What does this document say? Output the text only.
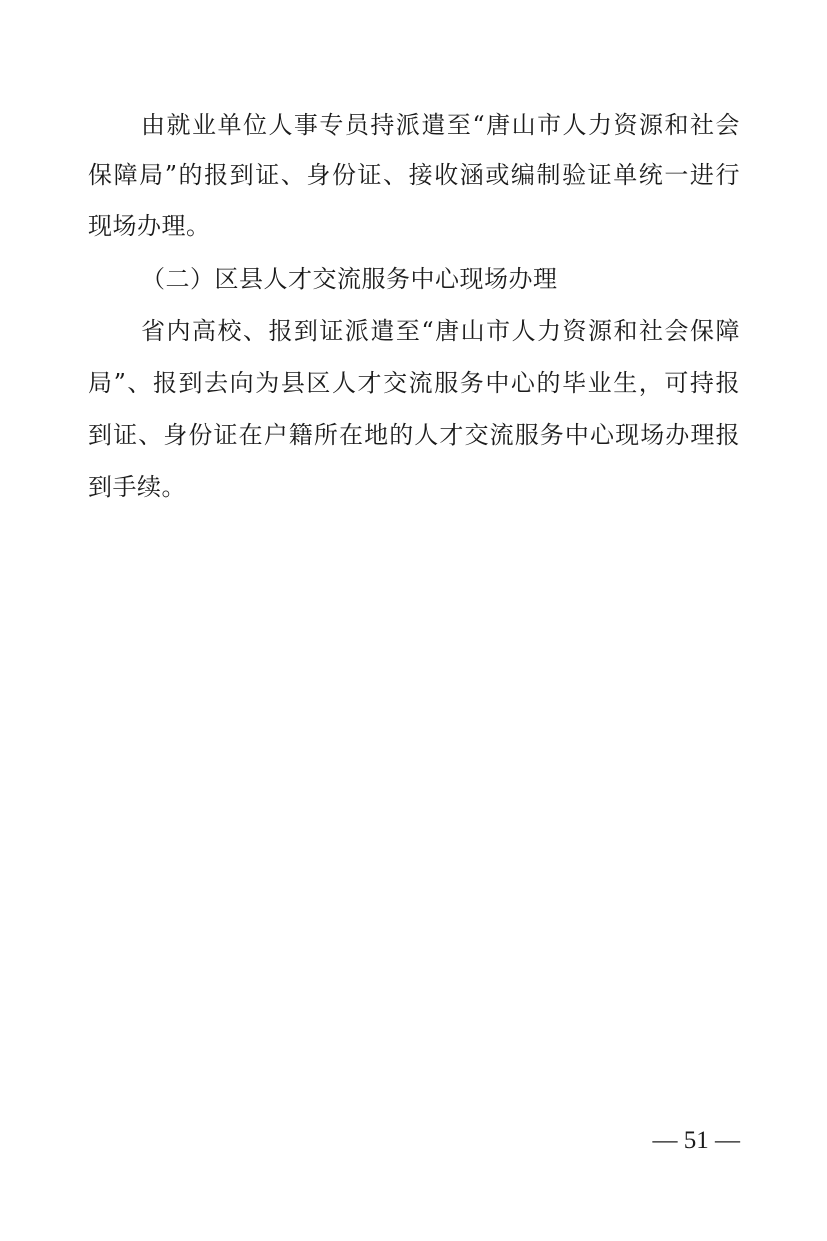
由就业单位人事专员持派遣至“唐山市人力资源和社会
保障局”的报到证、身份证、接收涵或编制验证单统一进行
现场办理。
（二）区县人才交流服务中心现场办理
省内高校、报到证派遣至“唐山市人力资源和社会保障
局”、报到去向为县区人才交流服务中心的毕业生，可持报
到证、身份证在户籍所在地的人才交流服务中心现场办理报
到手续。
— 51 —
